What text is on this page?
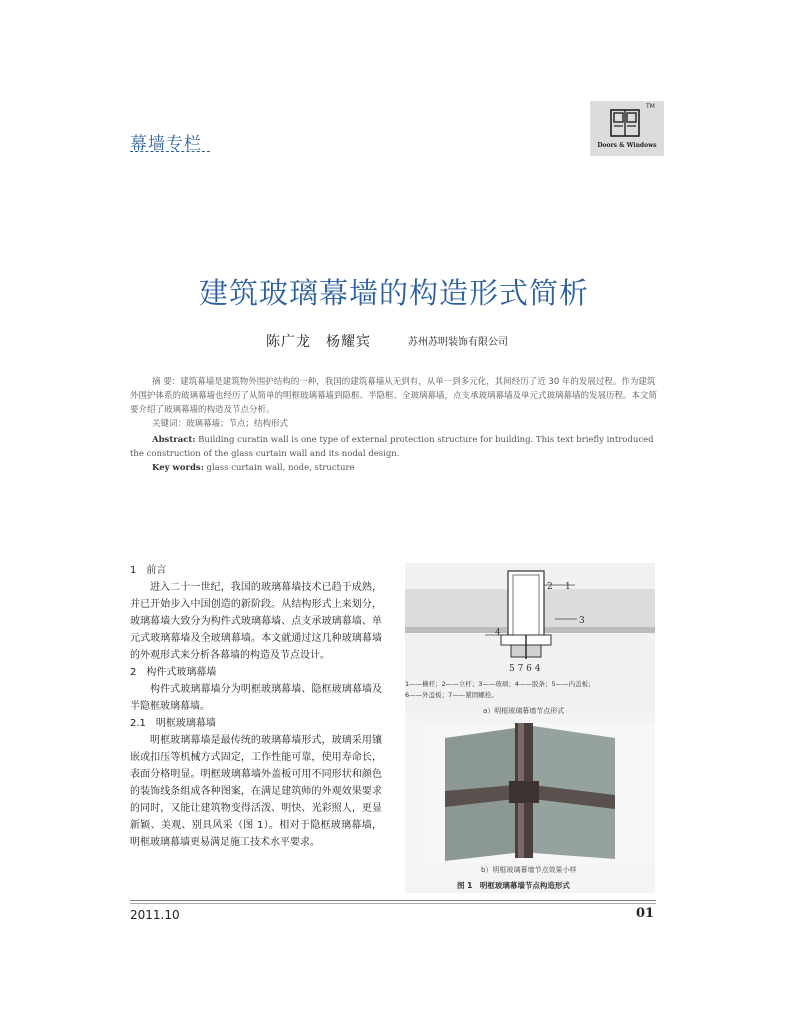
幕墙专栏
TM
Doors & Windows
建筑玻璃幕墙的构造形式简析
陈广龙　杨耀宾	苏州苏明装饰有限公司
摘 要：建筑幕墙是建筑物外围护结构的一种，我国的建筑幕墙从无到有，从单一到多元化，其间经历了近 30 年的发展过程。作为建筑外围护体系的玻璃幕墙也经历了从简单的明框玻璃幕墙到隐框、半隐框、全玻璃幕墙，点支承玻璃幕墙及单元式玻璃幕墙的发展历程。本文简要介绍了玻璃幕墙的构造及节点分析。
关键词：玻璃幕墙；节点；结构形式
Abstract: Building curatin wall is one type of external protection structure for building. This text briefly introduced the construction of the glass curtain wall and its nodal design.
Key words: glass curtain wall, node, structure

1　前言

进入二十一世纪，我国的玻璃幕墙技术已趋于成熟，并已开始步入中国创造的新阶段。从结构形式上来划分，玻璃幕墙大致分为构件式玻璃幕墙、点支承玻璃幕墙、单元式玻璃幕墙及全玻璃幕墙。本文就通过这几种玻璃幕墙的外观形式来分析各幕墙的构造及节点设计。

2　构件式玻璃幕墙

构件式玻璃幕墙分为明框玻璃幕墙、隐框玻璃幕墙及半隐框玻璃幕墙。

2.1　明框玻璃幕墙

明框玻璃幕墙是最传统的玻璃幕墙形式，玻璃采用镶嵌或扣压等机械方式固定，工作性能可靠，使用寿命长，表面分格明显。明框玻璃幕墙外盖板可用不同形状和颜色的装饰线条组成各种图案，在满足建筑师的外观效果要求的同时，又能让建筑物变得活泼、明快、光彩照人，更显新颖、美观、别具风采（图 1）。相对于隐框玻璃幕墙，明框玻璃幕墙更易满足施工技术水平要求。

2 1
3
4
5 7 6 4
1——横杆；2——立杆；3——玻璃；4——胶条；5——内盖板；
6——外盖板；7——紧固螺栓。
a）明框玻璃幕墙节点形式
b）明框玻璃幕墙节点效果小样
图 1　明框玻璃幕墙节点构造形式
2011.10	01
